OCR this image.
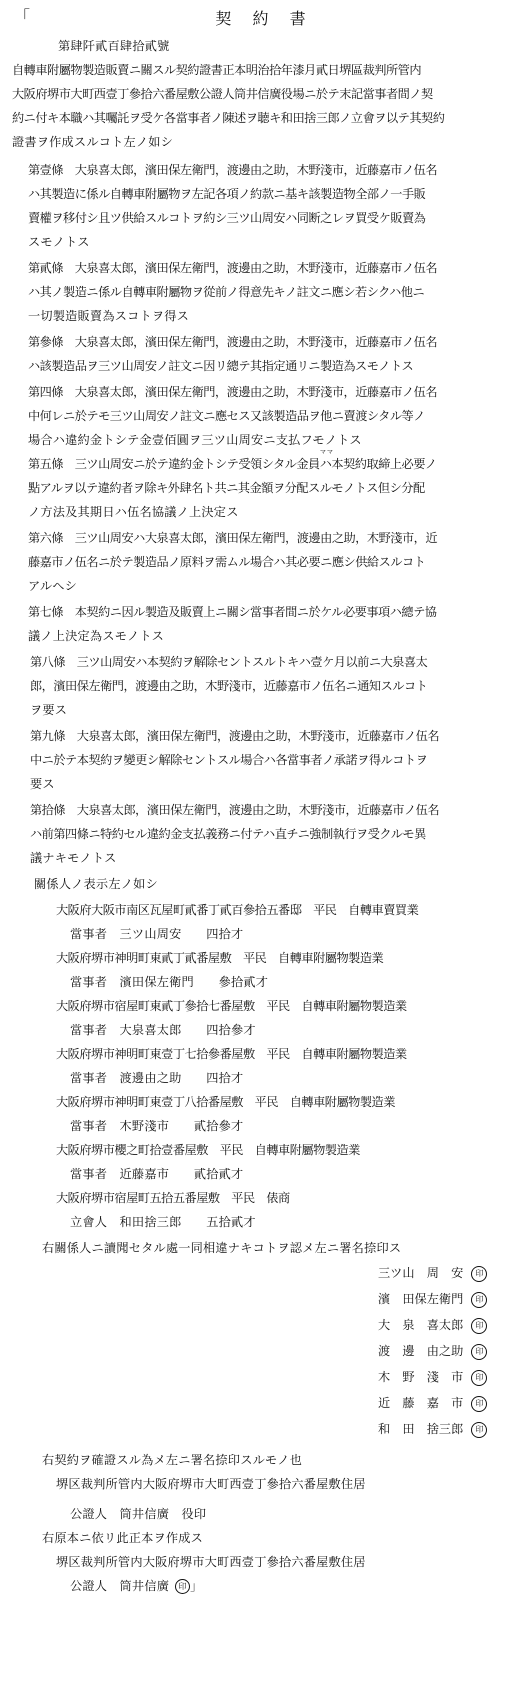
「	契 約 書
第肆阡貳百肆拾貳號
自轉車附屬物製造販賣ニ關スル契約證書正本明治拾年漆月貳日堺區裁判所管内
大阪府堺市大町西壹丁參拾六番屋敷公證人筒井信廣役場ニ於テ末記當事者間ノ契
約ニ付キ本職ハ其囑託ヲ受ケ各當事者ノ陳述ヲ聴キ和田捨三郎ノ立會ヲ以テ其契約
證書ヲ作成スルコト左ノ如シ
第壹條　大泉喜太郎，濱田保左衛門，渡邊由之助，木野淺市，近藤嘉市ノ伍名
ハ其製造に係ル自轉車附屬物ヲ左記各項ノ約款ニ基キ該製造物全部ノ一手販
賣權ヲ移付シ且ツ供給スルコトヲ約シ三ツ山周安ハ同断之レヲ買受ケ販賣為
スモノトス
第貳條　大泉喜太郎，濱田保左衛門，渡邊由之助，木野淺市，近藤嘉市ノ伍名
ハ其ノ製造ニ係ル自轉車附屬物ヲ從前ノ得意先キノ註文ニ應シ若シクハ他ニ
一切製造販賣為スコトヲ得ス
第參條　大泉喜太郎，濱田保左衛門，渡邊由之助，木野淺市，近藤嘉市ノ伍名
ハ該製造品ヲ三ツ山周安ノ註文ニ因リ總テ其指定通リニ製造為スモノトス
第四條　大泉喜太郎，濱田保左衛門，渡邊由之助，木野淺市，近藤嘉市ノ伍名
中何レニ於テモ三ツ山周安ノ註文ニ應セス又該製造品ヲ他ニ賣渡シタル等ノ
場合ハ違約金トシテ金壹佰圓ヲ三ツ山周安ニ支払フモノトス
ママ
第五條　三ツ山周安ニ於テ違約金トシテ受領シタル金員ハ本契約取締上必要ノ
點アルヲ以テ違約者ヲ除キ外肆名ト共ニ其金額ヲ分配スルモノトス但シ分配
ノ方法及其期日ハ伍名協議ノ上決定ス
第六條　三ツ山周安ハ大泉喜太郎，濱田保左衛門，渡邊由之助，木野淺市，近
藤嘉市ノ伍名ニ於テ製造品ノ原料ヲ需ムル場合ハ其必要ニ應シ供給スルコト
アルヘシ
第七條　本契約ニ因ル製造及販賣上ニ關シ當事者間ニ於ケル必要事項ハ總テ協
議ノ上決定為スモノトス
第八條　三ツ山周安ハ本契約ヲ解除セントスルトキハ壹ケ月以前ニ大泉喜太
郎，濱田保左衛門，渡邊由之助，木野淺市，近藤嘉市ノ伍名ニ通知スルコト
ヲ要ス
第九條　大泉喜太郎，濱田保左衛門，渡邊由之助，木野淺市，近藤嘉市ノ伍名
中ニ於テ本契約ヲ變更シ解除セントスル場合ハ各當事者ノ承諾ヲ得ルコトヲ
要ス
第拾條　大泉喜太郎，濱田保左衛門，渡邊由之助，木野淺市，近藤嘉市ノ伍名
ハ前第四條ニ特約セル違約金支払義務ニ付テハ直チニ強制執行ヲ受クルモ異
議ナキモノトス
關係人ノ表示左ノ如シ
大阪府大阪市南区瓦屋町貳番丁貳百參拾五番邸　平民　自轉車賣買業
當事者　三ツ山周安　　四拾才
大阪府堺市神明町東貳丁貳番屋敷　平民　自轉車附屬物製造業
當事者　濱田保左衛門　　參拾貳才
大阪府堺市宿屋町東貳丁參拾七番屋敷　平民　自轉車附屬物製造業
當事者　大泉喜太郎　　四拾參才
大阪府堺市神明町東壹丁七拾參番屋敷　平民　自轉車附屬物製造業
當事者　渡邊由之助　　四拾才
大阪府堺市神明町東壹丁八拾番屋敷　平民　自轉車附屬物製造業
當事者　木野淺市　　貳拾參才
大阪府堺市櫻之町拾壹番屋敷　平民　自轉車附屬物製造業
當事者　近藤嘉市　　貳拾貳才
大阪府堺市宿屋町五拾五番屋敷　平民　俵商
立會人　和田捨三郎　　五拾貳才
右關係人ニ讀聞セタル處一同相違ナキコトヲ認メ左ニ署名捺印ス
三ツ山　周　安 印
濱　田保左衛門 印
大　泉　喜太郎 印
渡　邊　由之助 印
木　野　淺　市 印
近　藤　嘉　市 印
和　田　捨三郎 印
右契約ヲ確證スル為メ左ニ署名捺印スルモノ也
堺区裁判所管内大阪府堺市大町西壹丁參拾六番屋敷住居
公證人　筒井信廣　役印
右原本ニ依リ此正本ヲ作成ス
堺区裁判所管内大阪府堺市大町西壹丁參拾六番屋敷住居
公證人　筒井信廣 印 」
